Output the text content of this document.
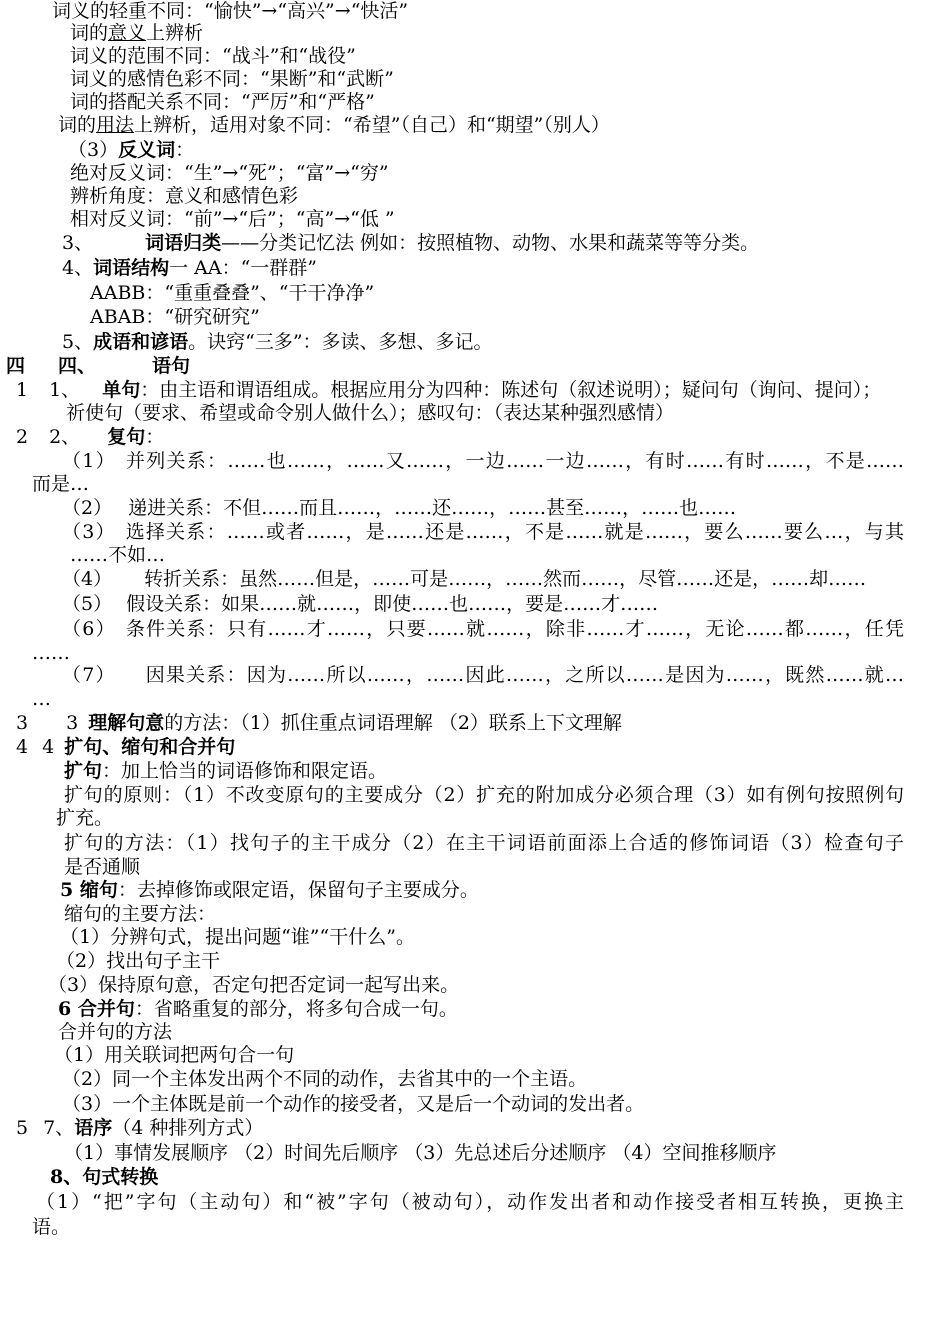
词义的轻重不同：“愉快”→“高兴”→“快活”
词的意义上辨析
词义的范围不同：“战斗”和“战役”
词义的感情色彩不同：“果断”和“武断”
词的搭配关系不同：“严厉”和“严格”
词的用法上辨析，适用对象不同：“希望”（自己）和“期望”（别人）
（3）反义词：
绝对反义词：“生”→“死”；“富”→“穷”
辨析角度：意义和感情色彩
相对反义词：“前”→“后”；“高”→“低 ”
3、	词语归类——分类记忆法 例如：按照植物、动物、水果和蔬菜等等分类。
4、词语结构一 AA：“一群群”
AABB：“重重叠叠”、“干干净净”
ABAB：“研究研究”
5、成语和谚语。诀窍“三多”：多读、多想、多记。
四 四、	语句
1 1、 单句：由主语和谓语组成。根据应用分为四种：陈述句（叙述说明）；疑问句（询问、提问）；
祈使句（要求、希望或命令别人做什么）；感叹句：（表达某种强烈感情）
2 2、 复句：
（1） 并列关系：……也……，……又……，一边……一边……，有时……有时……，不是……
而是…
（2） 递进关系：不但……而且……，……还……，……甚至……，……也……
（3） 选择关系：……或者……，是……还是……，不是……就是……，要么……要么…，与其
……不如…
（4） 转折关系：虽然……但是，……可是……，……然而……，尽管……还是，……却……
（5） 假设关系：如果……就……，即使……也……，要是……才……
（6） 条件关系：只有……才……，只要……就……，除非……才……，无论……都……，任凭
……
（7） 因果关系：因为……所以……，……因此……，之所以……是因为……，既然……就…
…
3 3 理解句意的方法：（1）抓住重点词语理解 （2）联系上下文理解
4 4 扩句、缩句和合并句
扩句：加上恰当的词语修饰和限定语。
扩句的原则：（1）不改变原句的主要成分（2）扩充的附加成分必须合理（3）如有例句按照例句
扩充。
扩句的方法：（1）找句子的主干成分（2）在主干词语前面添上合适的修饰词语（3）检查句子
是否通顺
5 缩句：去掉修饰或限定语，保留句子主要成分。
缩句的主要方法：
（1）分辨句式，提出问题“谁”“干什么”。
（2）找出句子主干
（3）保持原句意，否定句把否定词一起写出来。
6 合并句：省略重复的部分，将多句合成一句。
合并句的方法
（1）用关联词把两句合一句
（2）同一个主体发出两个不同的动作，去省其中的一个主语。
（3）一个主体既是前一个动作的接受者，又是后一个动词的发出者。
5 7、语序（4 种排列方式）
（1）事情发展顺序 （2）时间先后顺序 （3）先总述后分述顺序 （4）空间推移顺序
8、句式转换
（1）“把”字句（主动句）和“被”字句（被动句），动作发出者和动作接受者相互转换，更换主
语。
